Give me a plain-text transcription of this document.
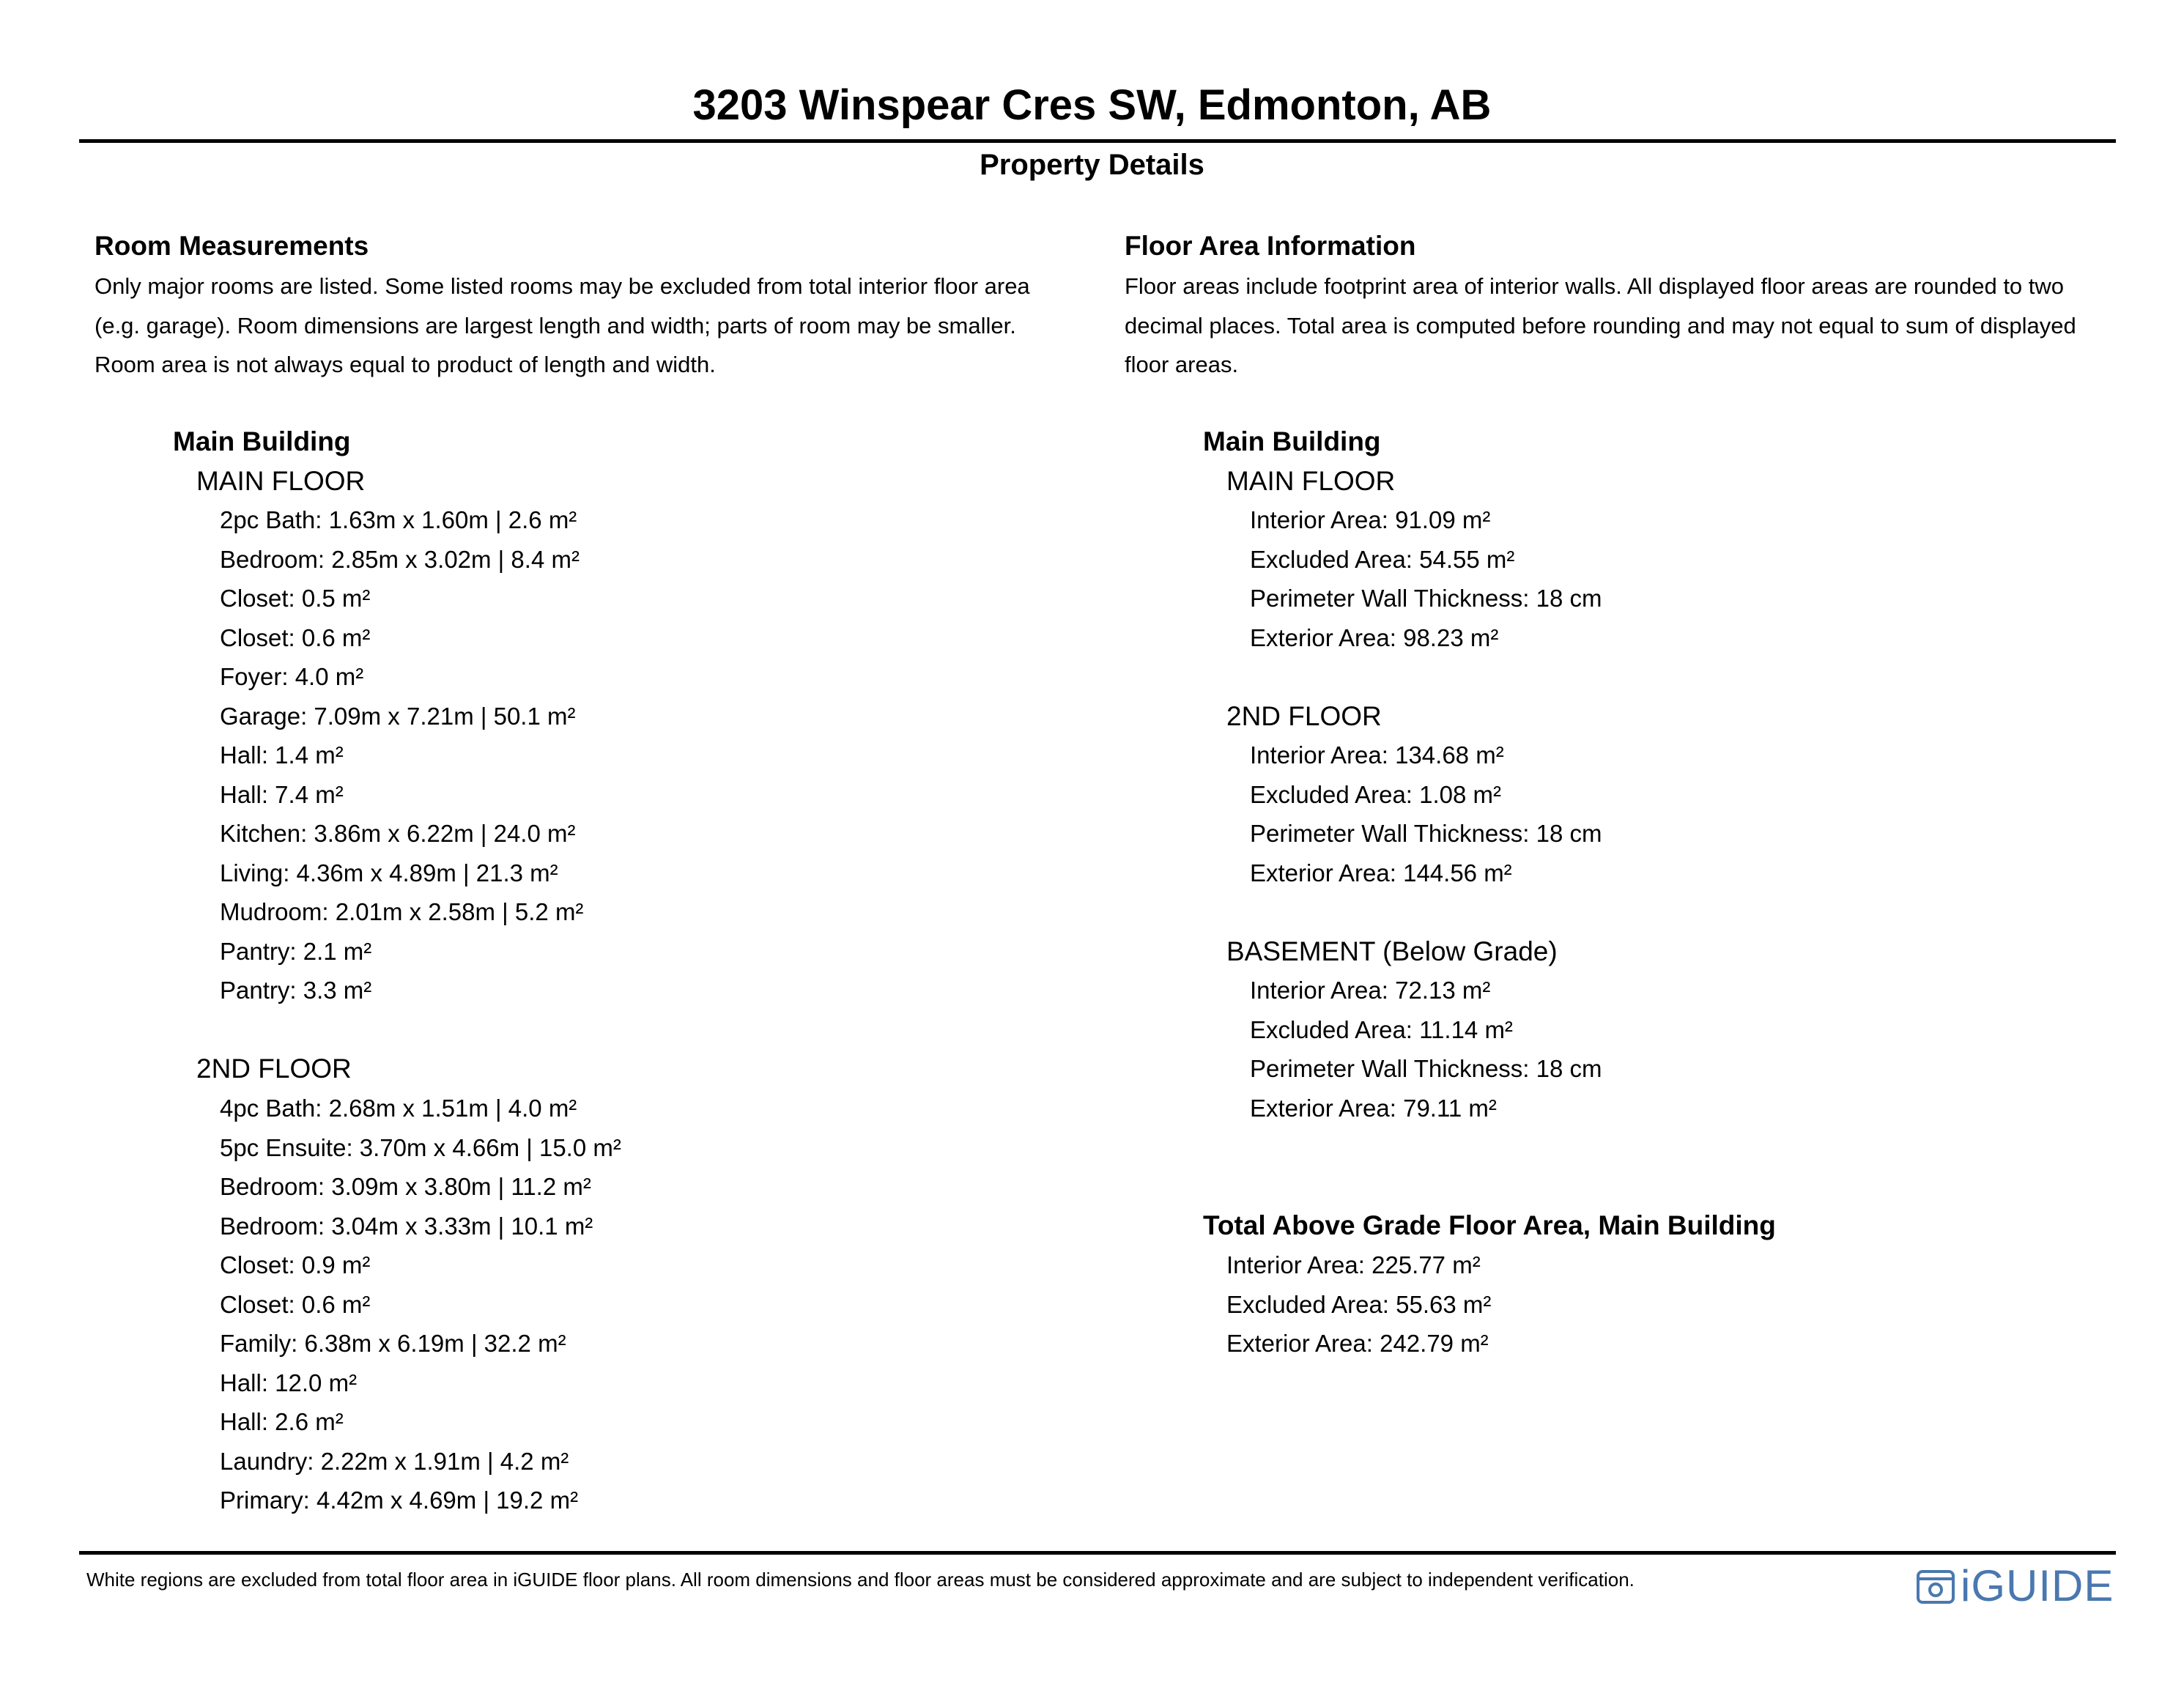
3203 Winspear Cres SW, Edmonton, AB
Property Details
Room Measurements

Only major rooms are listed. Some listed rooms may be excluded from total interior floor area

(e.g. garage). Room dimensions are largest length and width; parts of room may be smaller.

Room area is not always equal to product of length and width.

Main Building
MAIN FLOOR
2pc Bath: 1.63m x 1.60m | 2.6 m²
Bedroom: 2.85m x 3.02m | 8.4 m²
Closet: 0.5 m²
Closet: 0.6 m²
Foyer: 4.0 m²
Garage: 7.09m x 7.21m | 50.1 m²
Hall: 1.4 m²
Hall: 7.4 m²
Kitchen: 3.86m x 6.22m | 24.0 m²
Living: 4.36m x 4.89m | 21.3 m²
Mudroom: 2.01m x 2.58m | 5.2 m²
Pantry: 2.1 m²
Pantry: 3.3 m²
2ND FLOOR
4pc Bath: 2.68m x 1.51m | 4.0 m²
5pc Ensuite: 3.70m x 4.66m | 15.0 m²
Bedroom: 3.09m x 3.80m | 11.2 m²
Bedroom: 3.04m x 3.33m | 10.1 m²
Closet: 0.9 m²
Closet: 0.6 m²
Family: 6.38m x 6.19m | 32.2 m²
Hall: 12.0 m²
Hall: 2.6 m²
Laundry: 2.22m x 1.91m | 4.2 m²
Primary: 4.42m x 4.69m | 19.2 m²
Floor Area Information

Floor areas include footprint area of interior walls. All displayed floor areas are rounded to two

decimal places. Total area is computed before rounding and may not equal to sum of displayed

floor areas.

Main Building
MAIN FLOOR
Interior Area: 91.09 m²
Excluded Area: 54.55 m²
Perimeter Wall Thickness: 18 cm
Exterior Area: 98.23 m²
2ND FLOOR
Interior Area: 134.68 m²
Excluded Area: 1.08 m²
Perimeter Wall Thickness: 18 cm
Exterior Area: 144.56 m²
BASEMENT (Below Grade)
Interior Area: 72.13 m²
Excluded Area: 11.14 m²
Perimeter Wall Thickness: 18 cm
Exterior Area: 79.11 m²
Total Above Grade Floor Area, Main Building
Interior Area: 225.77 m²
Excluded Area: 55.63 m²
Exterior Area: 242.79 m²
White regions are excluded from total floor area in iGUIDE floor plans. All room dimensions and floor areas must be considered approximate and are subject to independent verification.	iGUIDE
